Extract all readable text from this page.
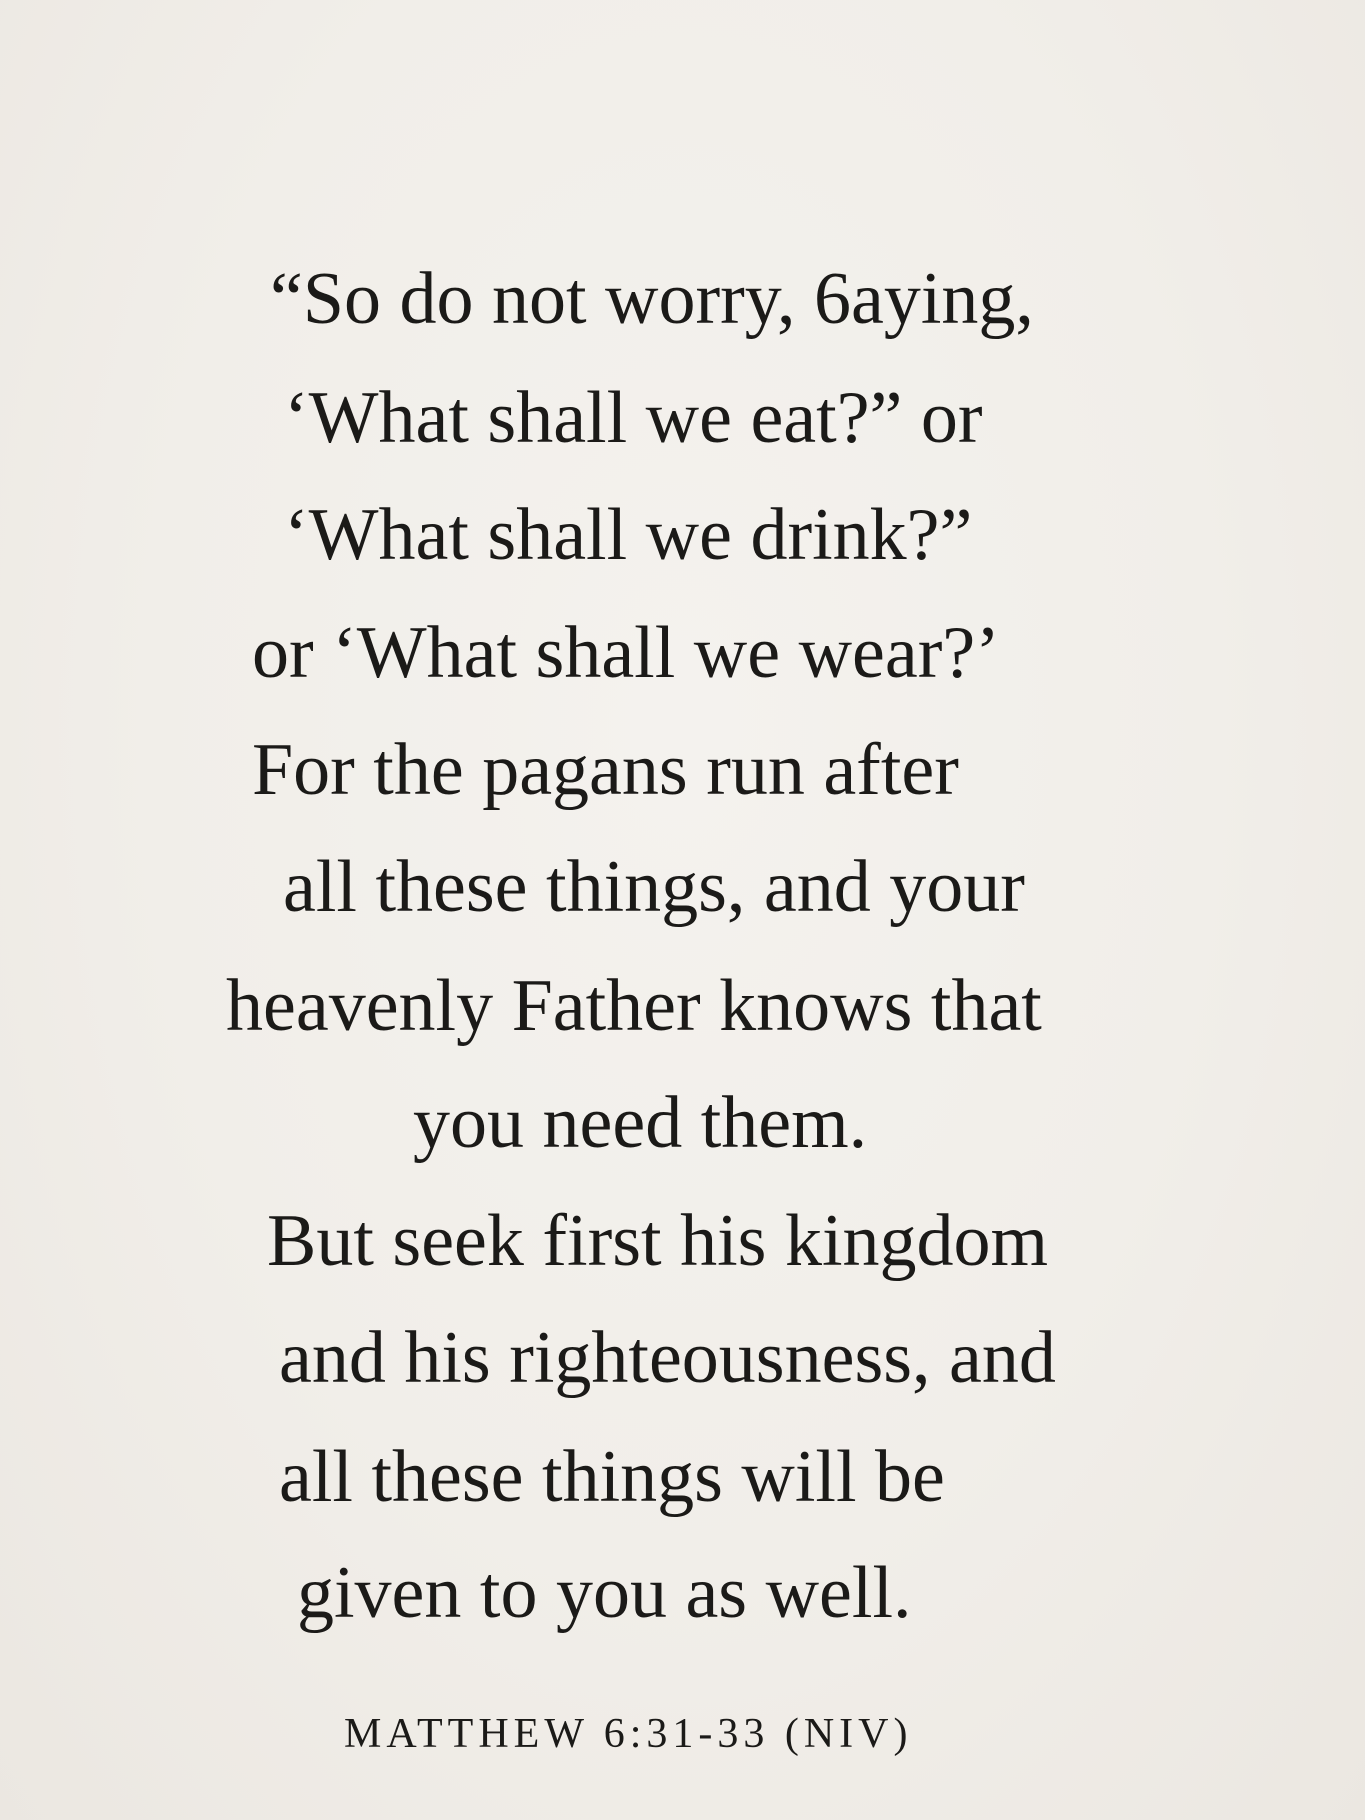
“So do not worry, 6aying,
‘What shall we eat?” or
‘What shall we drink?”
or ‘What shall we wear?’
For the pagans run after
all these things, and your
heavenly Father knows that
you need them.
But seek first his kingdom
and his righteousness, and
all these things will be
given to you as well.
MATTHEW 6:31-33 (NIV)
